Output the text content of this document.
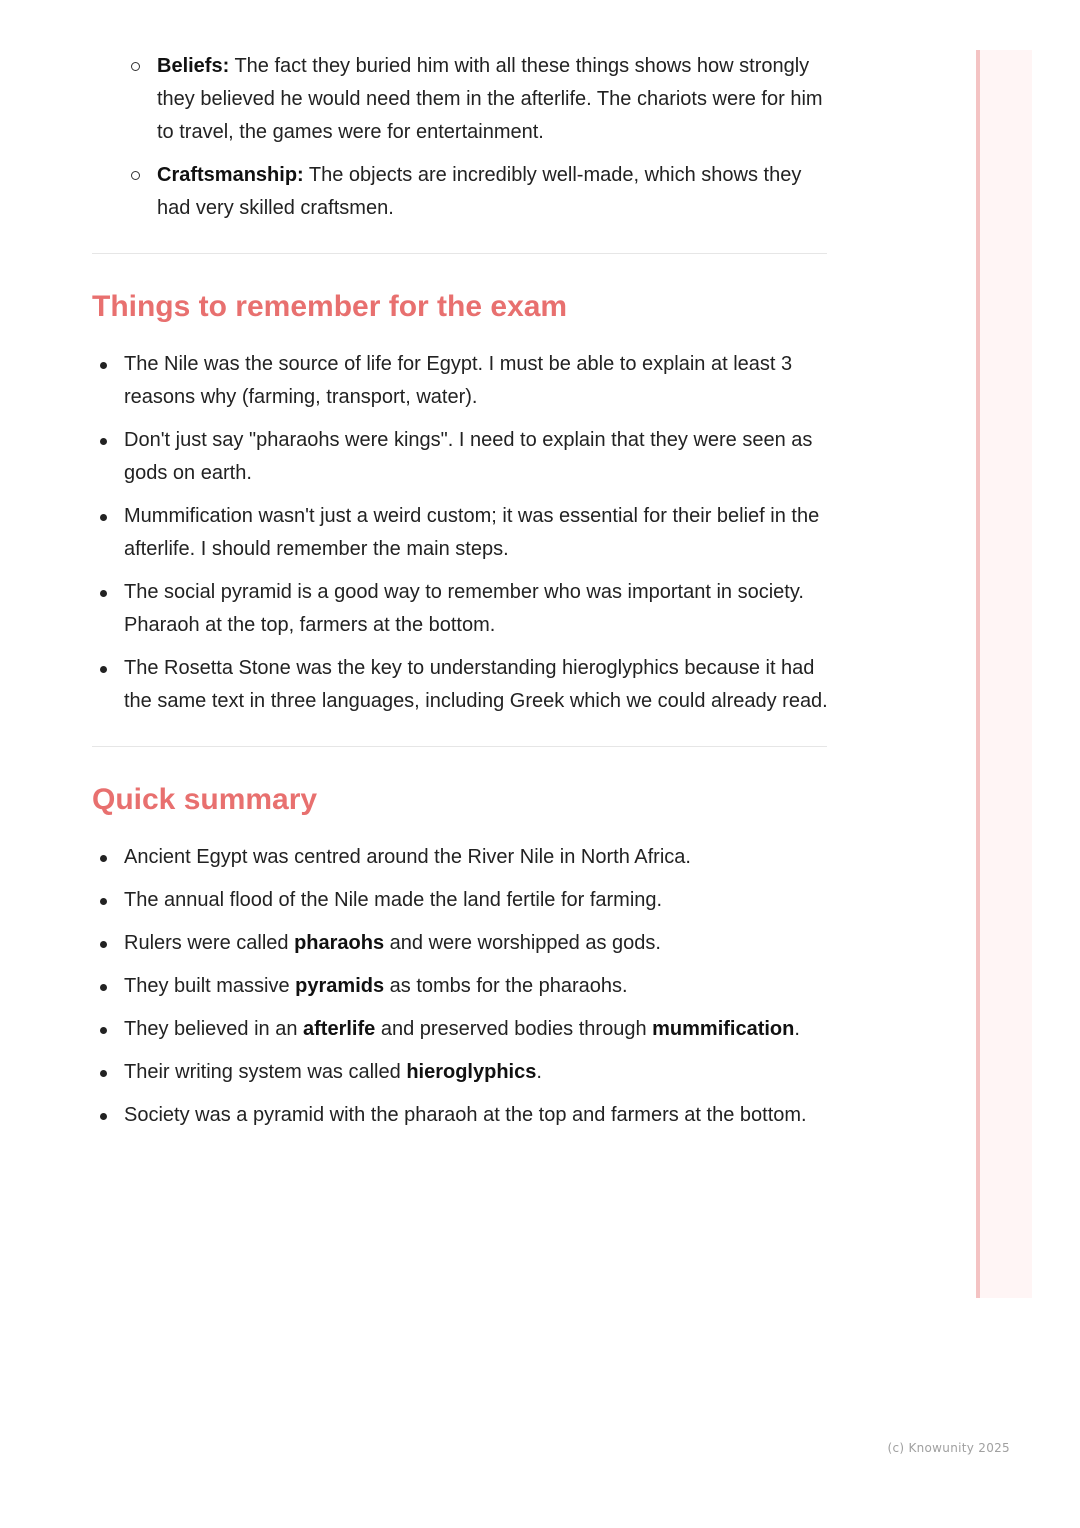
Beliefs: The fact they buried him with all these things shows how strongly they believed he would need them in the afterlife. The chariots were for him to travel, the games were for entertainment.
Craftsmanship: The objects are incredibly well-made, which shows they had very skilled craftsmen.
Things to remember for the exam
The Nile was the source of life for Egypt. I must be able to explain at least 3 reasons why (farming, transport, water).
Don't just say "pharaohs were kings". I need to explain that they were seen as gods on earth.
Mummification wasn't just a weird custom; it was essential for their belief in the afterlife. I should remember the main steps.
The social pyramid is a good way to remember who was important in society. Pharaoh at the top, farmers at the bottom.
The Rosetta Stone was the key to understanding hieroglyphics because it had the same text in three languages, including Greek which we could already read.
Quick summary
Ancient Egypt was centred around the River Nile in North Africa.
The annual flood of the Nile made the land fertile for farming.
Rulers were called pharaohs and were worshipped as gods.
They built massive pyramids as tombs for the pharaohs.
They believed in an afterlife and preserved bodies through mummification.
Their writing system was called hieroglyphics.
Society was a pyramid with the pharaoh at the top and farmers at the bottom.
(c) Knowunity 2025
